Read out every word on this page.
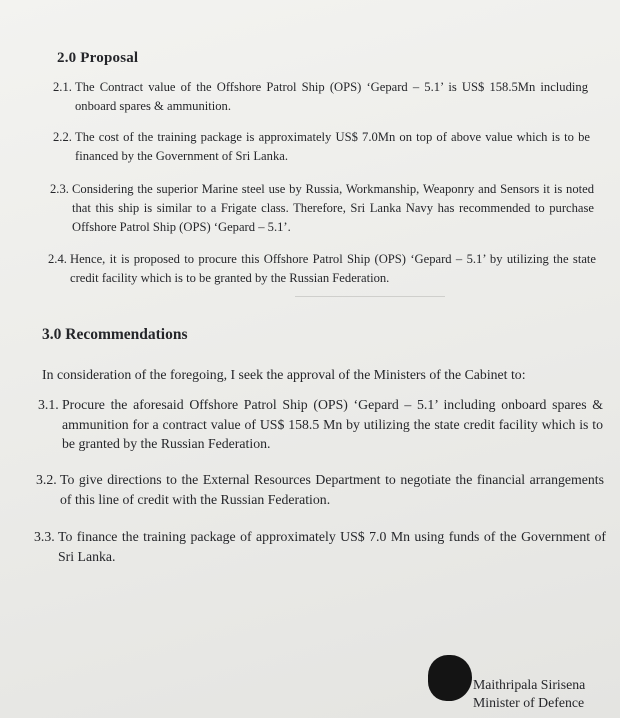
2.0 Proposal
2.1. The Contract value of the Offshore Patrol Ship (OPS) ‘Gepard – 5.1’ is US$ 158.5Mn including onboard spares & ammunition.
2.2. The cost of the training package is approximately US$ 7.0Mn on top of above value which is to be financed by the Government of Sri Lanka.
2.3. Considering the superior Marine steel use by Russia, Workmanship, Weaponry and Sensors it is noted that this ship is similar to a Frigate class. Therefore, Sri Lanka Navy has recommended to purchase Offshore Patrol Ship (OPS) ‘Gepard – 5.1’.
2.4. Hence, it is proposed to procure this Offshore Patrol Ship (OPS) ‘Gepard – 5.1’ by utilizing the state credit facility which is to be granted by the Russian Federation.
3.0 Recommendations
In consideration of the foregoing, I seek the approval of the Ministers of the Cabinet to:
3.1. Procure the aforesaid Offshore Patrol Ship (OPS) ‘Gepard – 5.1’ including onboard spares & ammunition for a contract value of US$ 158.5 Mn by utilizing the state credit facility which is to be granted by the Russian Federation.
3.2. To give directions to the External Resources Department to negotiate the financial arrangements of this line of credit with the Russian Federation.
3.3. To finance the training package of approximately US$ 7.0 Mn using funds of the Government of Sri Lanka.
Maithripala Sirisena
Minister of Defence
